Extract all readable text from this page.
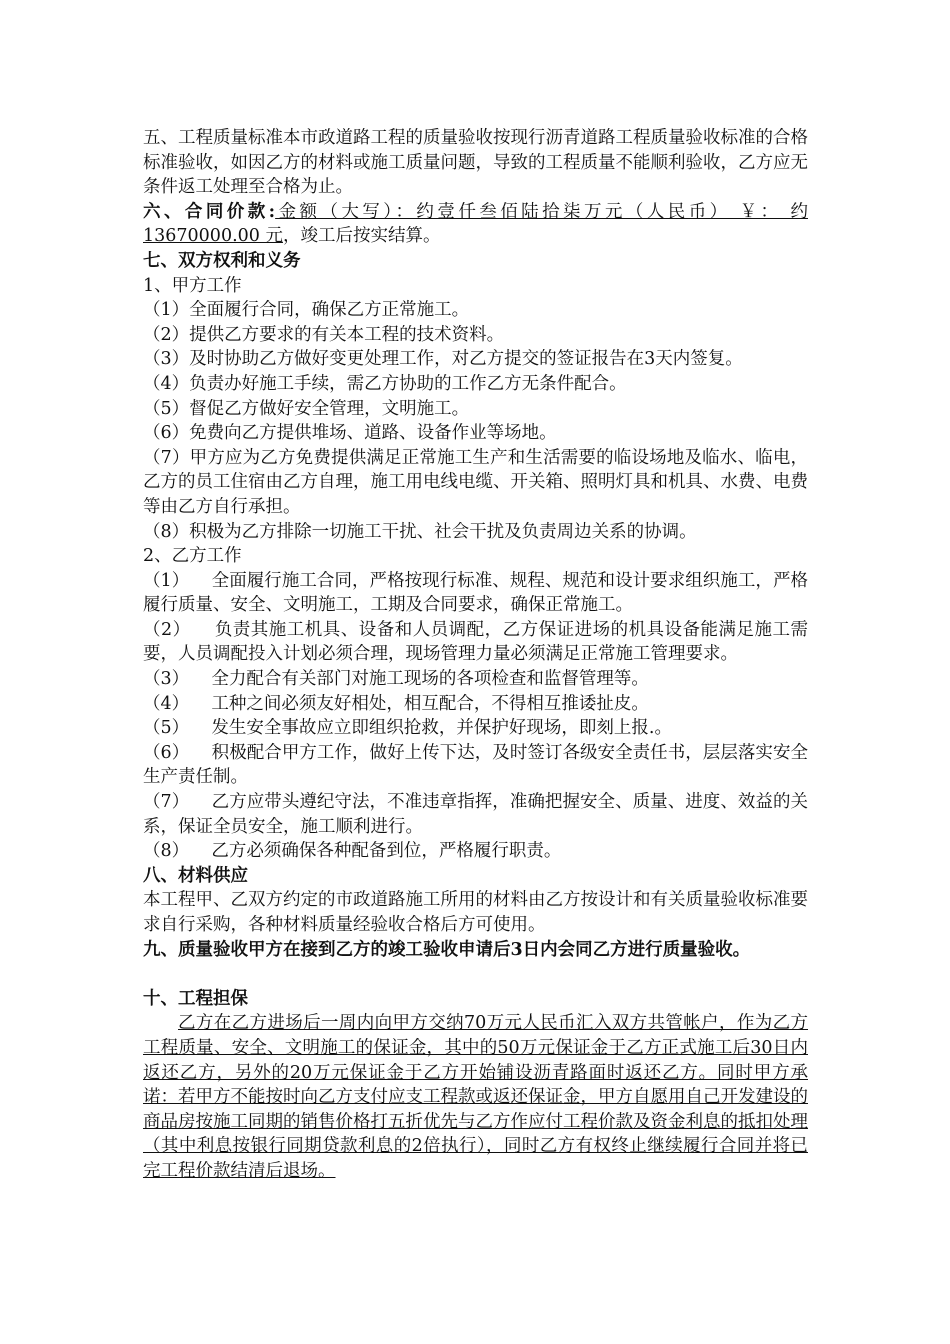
五、工程质量标准本市政道路工程的质量验收按现行沥青道路工程质量验收标准的合格标准验收，如因乙方的材料或施工质量问题，导致的工程质量不能顺利验收，乙方应无条件返工处理至合格为止。

六、合同价款:金额（大写）：约壹仟叁佰陆拾柒万元（人民币） ￥： 约13670000.00 元，竣工后按实结算。

七、双方权利和义务

1、甲方工作

（1）全面履行合同，确保乙方正常施工。

（2）提供乙方要求的有关本工程的技术资料。

（3）及时协助乙方做好变更处理工作，对乙方提交的签证报告在3天内签复。

（4）负责办好施工手续，需乙方协助的工作乙方无条件配合。

（5）督促乙方做好安全管理，文明施工。

（6）免费向乙方提供堆场、道路、设备作业等场地。

（7）甲方应为乙方免费提供满足正常施工生产和生活需要的临设场地及临水、临电，乙方的员工住宿由乙方自理，施工用电线电缆、开关箱、照明灯具和机具、水费、电费等由乙方自行承担。

（8）积极为乙方排除一切施工干扰、社会干扰及负责周边关系的协调。

2、乙方工作

（1）    全面履行施工合同，严格按现行标准、规程、规范和设计要求组织施工，严格履行质量、安全、文明施工，工期及合同要求，确保正常施工。

（2）    负责其施工机具、设备和人员调配，乙方保证进场的机具设备能满足施工需要，人员调配投入计划必须合理，现场管理力量必须满足正常施工管理要求。

（3）    全力配合有关部门对施工现场的各项检查和监督管理等。

（4）    工种之间必须友好相处，相互配合，不得相互推诿扯皮。

（5）    发生安全事故应立即组织抢救，并保护好现场，即刻上报.。

（6）    积极配合甲方工作，做好上传下达，及时签订各级安全责任书，层层落实安全生产责任制。

（7）    乙方应带头遵纪守法，不准违章指挥，准确把握安全、质量、进度、效益的关系，保证全员安全，施工顺利进行。

（8）    乙方必须确保各种配备到位，严格履行职责。

八、材料供应

本工程甲、乙双方约定的市政道路施工所用的材料由乙方按设计和有关质量验收标准要求自行采购，各种材料质量经验收合格后方可使用。

九、质量验收甲方在接到乙方的竣工验收申请后3日内会同乙方进行质量验收。

十、工程担保

乙方在乙方进场后一周内向甲方交纳70万元人民币汇入双方共管帐户，作为乙方工程质量、安全、文明施工的保证金，其中的50万元保证金于乙方正式施工后30日内返还乙方，另外的20万元保证金于乙方开始铺设沥青路面时返还乙方。同时甲方承诺：若甲方不能按时向乙方支付应支工程款或返还保证金，甲方自愿用自己开发建设的商品房按施工同期的销售价格打五折优先与乙方作应付工程价款及资金利息的抵扣处理（其中利息按银行同期贷款利息的2倍执行），同时乙方有权终止继续履行合同并将已完工程价款结清后退场。
